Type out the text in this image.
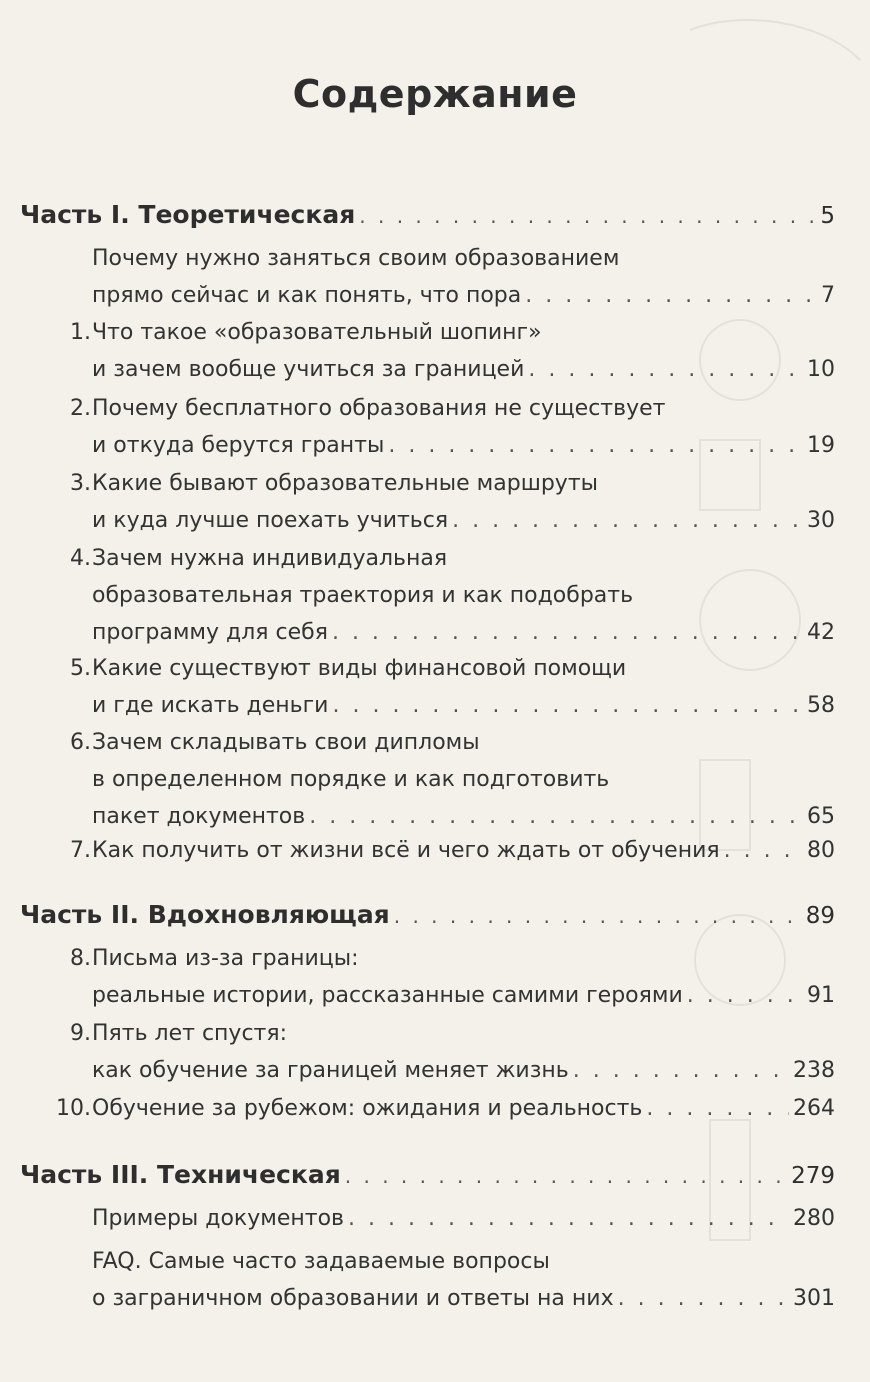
Содержание
Часть I. Теоретическая . . .	5
Почему нужно заняться своим образованием
прямо сейчас и как понять, что пора . . .	7
1. Что такое «образовательный шопинг»
и зачем вообще учиться за границей . . .	10
2. Почему бесплатного образования не существует
и откуда берутся гранты . . .	19
3. Какие бывают образовательные маршруты
и куда лучше поехать учиться . . .	30
4. Зачем нужна индивидуальная
образовательная траектория и как подобрать
программу для себя . . .	42
5. Какие существуют виды финансовой помощи
и где искать деньги . . .	58
6. Зачем складывать свои дипломы
в определенном порядке и как подготовить
пакет документов . . .	65
7. Как получить от жизни всё и чего ждать от обучения . . .	80
Часть II. Вдохновляющая . . .	89
8. Письма из-за границы:
реальные истории, рассказанные самими героями . . .	91
9. Пять лет спустя:
как обучение за границей меняет жизнь . . .	238
10. Обучение за рубежом: ожидания и реальность . . .	264
Часть III. Техническая . . .	279
Примеры документов . . .	280
FAQ. Самые часто задаваемые вопросы
о заграничном образовании и ответы на них . . .	301
